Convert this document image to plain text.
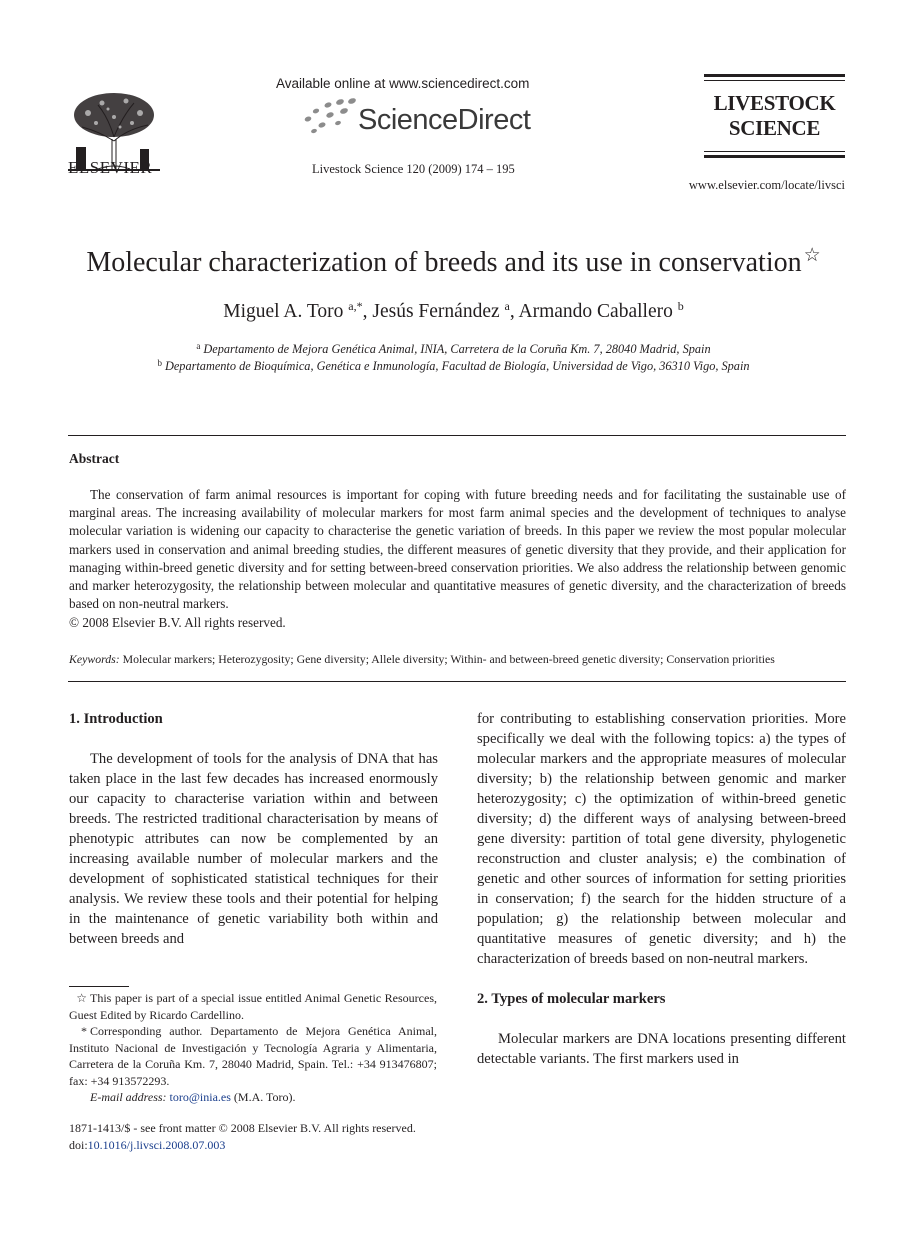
ELSEVIER
Available online at www.sciencedirect.com
ScienceDirect
Livestock Science 120 (2009) 174 – 195
LIVESTOCK
SCIENCE
www.elsevier.com/locate/livsci
Molecular characterization of breeds and its use in conservation ☆
Miguel A. Toro $^{a,*}$, Jesús Fernández $^a$, Armando Caballero $^b$
$^a$ Departamento de Mejora Genética Animal, INIA, Carretera de la Coruña Km. 7, 28040 Madrid, Spain
$^b$ Departamento de Bioquímica, Genética e Inmunología, Facultad de Biología, Universidad de Vigo, 36310 Vigo, Spain
Abstract

The conservation of farm animal resources is important for coping with future breeding needs and for facilitating the sustainable use of marginal areas. The increasing availability of molecular markers for most farm animal species and the development of techniques to analyse molecular variation is widening our capacity to characterise the genetic variation of breeds. In this paper we review the most popular molecular markers used in conservation and animal breeding studies, the different measures of genetic diversity that they provide, and their application for managing within-breed genetic diversity and for setting between-breed conservation priorities. We also address the relationship between genomic and marker heterozygosity, the relationship between molecular and quantitative measures of genetic diversity, and the characterization of breeds based on non-neutral markers.

© 2008 Elsevier B.V. All rights reserved.
Keywords: Molecular markers; Heterozygosity; Gene diversity; Allele diversity; Within- and between-breed genetic diversity; Conservation priorities

1. Introduction

The development of tools for the analysis of DNA that has taken place in the last few decades has increased enormously our capacity to characterise variation within and between breeds. The restricted traditional characterisation by means of phenotypic attributes can now be complemented by an increasing available number of molecular markers and the development of sophisticated statistical techniques for their analysis. We review these tools and their potential for helping in the maintenance of genetic variability both within and between breeds and

☆ This paper is part of a special issue entitled Animal Genetic Resources, Guest Edited by Ricardo Cardellino.

* Corresponding author. Departamento de Mejora Genética Animal, Instituto Nacional de Investigación y Tecnología Agraria y Alimentaria, Carretera de la Coruña Km. 7, 28040 Madrid, Spain. Tel.: +34 913476807; fax: +34 913572293.

E-mail address: toro@inia.es (M.A. Toro).

1871-1413/$ - see front matter © 2008 Elsevier B.V. All rights reserved.
doi:10.1016/j.livsci.2008.07.003

for contributing to establishing conservation priorities. More specifically we deal with the following topics: a) the types of molecular markers and the appropriate measures of molecular diversity; b) the relationship between genomic and marker heterozygosity; c) the optimization of within-breed genetic diversity; d) the different ways of analysing between-breed gene diversity: partition of total gene diversity, phylogenetic reconstruction and cluster analysis; e) the combination of genetic and other sources of information for setting priorities in conservation; f) the search for the hidden structure of a population; g) the relationship between molecular and quantitative measures of genetic diversity; and h) the characterization of breeds based on non-neutral markers.

2. Types of molecular markers

Molecular markers are DNA locations presenting different detectable variants. The first markers used in
